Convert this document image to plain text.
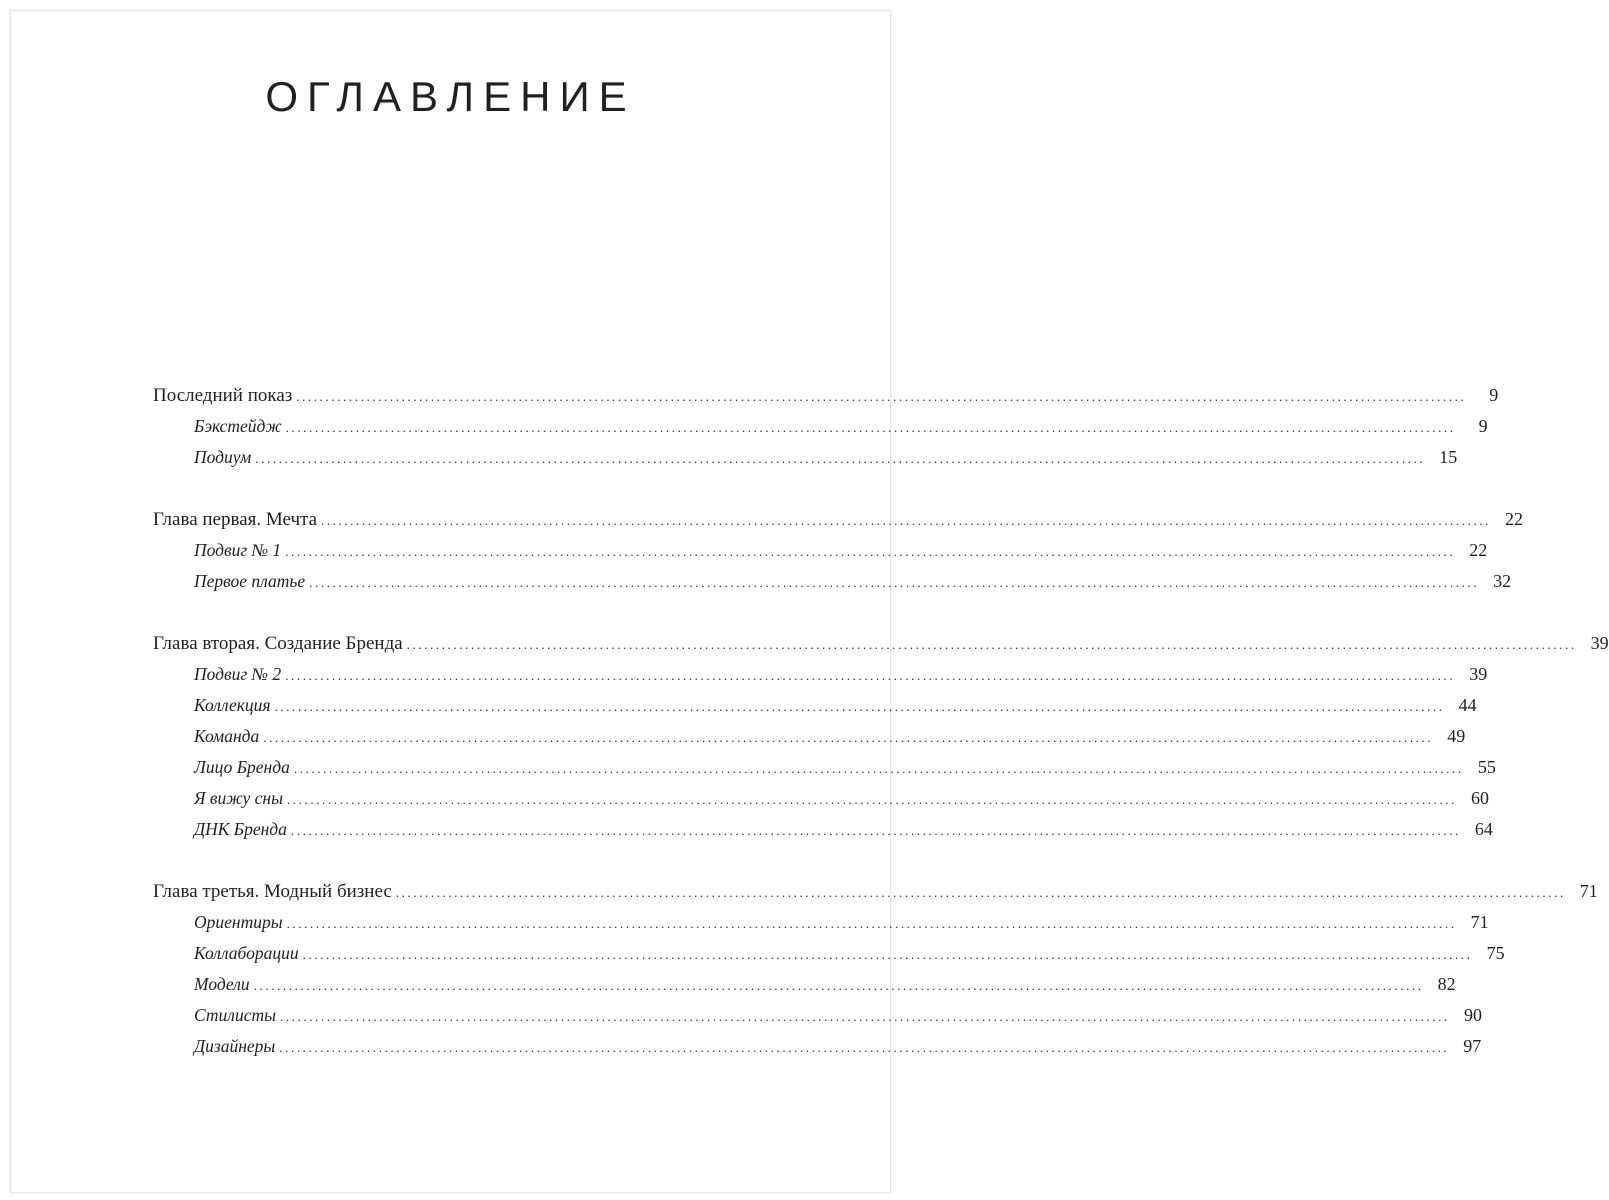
ОГЛАВЛЕНИЕ
Последний показ ........................................................................................................................................................................................................	9
Бэкстейдж ........................................................................................................................................................................................................	9
Подиум ........................................................................................................................................................................................................ 15
Глава первая. Мечта ........................................................................................................................................................................................................ 22
Подвиг № 1 ........................................................................................................................................................................................................ 22
Первое платье ........................................................................................................................................................................................................ 32
Глава вторая. Создание Бренда ........................................................................................................................................................................................................ 39
Подвиг № 2 ........................................................................................................................................................................................................ 39
Коллекция ........................................................................................................................................................................................................ 44
Команда ........................................................................................................................................................................................................ 49
Лицо Бренда ........................................................................................................................................................................................................ 55
Я вижу сны ........................................................................................................................................................................................................ 60
ДНК Бренда ........................................................................................................................................................................................................ 64
Глава третья. Модный бизнес ........................................................................................................................................................................................................ 71
Ориентиры ........................................................................................................................................................................................................ 71
Коллаборации ........................................................................................................................................................................................................ 75
Модели ........................................................................................................................................................................................................ 82
Стилисты ........................................................................................................................................................................................................ 90
Дизайнеры ........................................................................................................................................................................................................ 97
